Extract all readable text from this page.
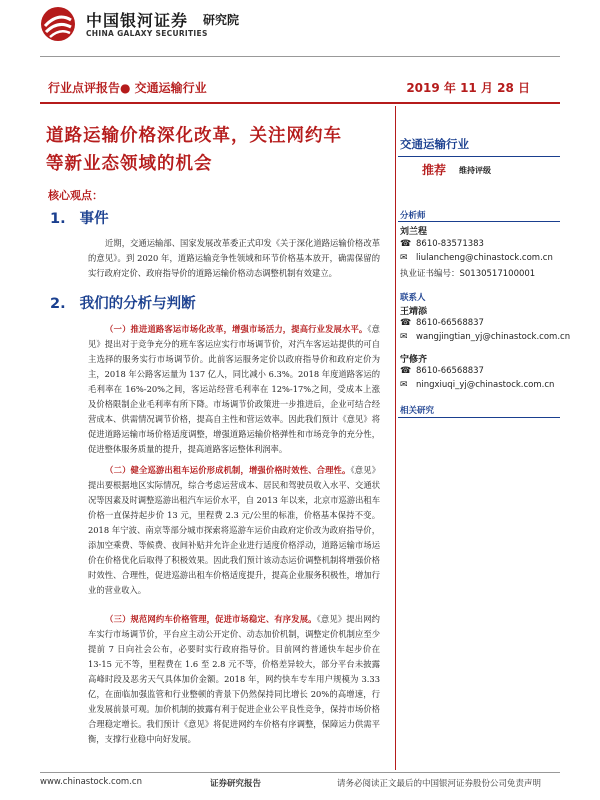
中国银河证券
CHINA GALAXY SECURITIES
研究院
行业点评报告● 交通运输行业	2019 年 11 月 28 日
道路运输价格深化改革，关注网约车
等新业态领域的机会
核心观点：
1. 事件
近期，交通运输部、国家发展改革委正式印发《关于深化道路运输价格改革的意见》。到 2020 年，道路运输竞争性领域和环节价格基本放开，确需保留的实行政府定价、政府指导价的道路运输价格动态调整机制有效建立。
2. 我们的分析与判断
（一）推进道路客运市场化改革，增强市场活力，提高行业发展水平。《意见》提出对于竞争充分的班车客运应实行市场调节价，对汽车客运站提供的可自主选择的服务实行市场调节价。此前客运服务定价以政府指导价和政府定价为主，2018 年公路客运量为 137 亿人，同比减小 6.3%。2018 年度道路客运的毛利率在 16%-20%之间，客运站经营毛利率在 12%-17%之间，受成本上涨及价格限制企业毛利率有所下降。市场调节价政策进一步推进后，企业可结合经营成本、供需情况调节价格，提高自主性和营运效率。因此我们预计《意见》将促进道路运输市场价格适度调整，增强道路运输价格弹性和市场竞争的充分性，促进整体服务质量的提升，提高道路客运整体利润率。
（二）健全巡游出租车运价形成机制，增强价格时效性、合理性。《意见》提出要根据地区实际情况，综合考虑运营成本、居民和驾驶员收入水平、交通状况等因素及时调整巡游出租汽车运价水平，自 2013 年以来，北京市巡游出租车价格一直保持起步价 13 元，里程费 2.3 元/公里的标准，价格基本保持不变。2018 年宁波、南京等部分城市探索将巡游车运价由政府定价改为政府指导价，添加空乘费、等候费、夜间补贴并允许企业进行适度价格浮动，道路运输市场运价在价格优化后取得了积极效果。因此我们预计该动态运价调整机制将增强价格时效性、合理性，促进巡游出租车价格适度提升，提高企业服务积极性，增加行业的营业收入。
（三）规范网约车价格管理，促进市场稳定、有序发展。《意见》提出网约车实行市场调节价，平台应主动公开定价、动态加价机制，调整定价机制应至少提前 7 日向社会公布，必要时实行政府指导价。目前网约普通快车起步价在 13-15 元不等，里程费在 1.6 至 2.8 元不等，价格差异较大，部分平台未披露高峰时段及恶劣天气具体加价金额。2018 年，网约快车专车用户规模为 3.33 亿，在面临加强监管和行业整顿的背景下仍然保持同比增长 20%的高增速，行业发展前景可观。加价机制的披露有利于促进企业公平良性竞争，保持市场价格合理稳定增长。我们预计《意见》将促进网约车价格有序调整，保障运力供需平衡，支撑行业稳中向好发展。
交通运输行业
推荐 维持评级
分析师
刘兰程
☎ 8610-83571383
✉ liulancheng@chinastock.com.cn
执业证书编号：S0130517100001
联系人
王靖添
☎ 8610-66568837
✉ wangjingtian_yj@chinastock.com.cn
宁修齐
☎ 8610-66568837
✉ ningxiuqi_yj@chinastock.com.cn
相关研究
www.chinastock.com.cn	证券研究报告	请务必阅读正文最后的中国银河证券股份公司免责声明
